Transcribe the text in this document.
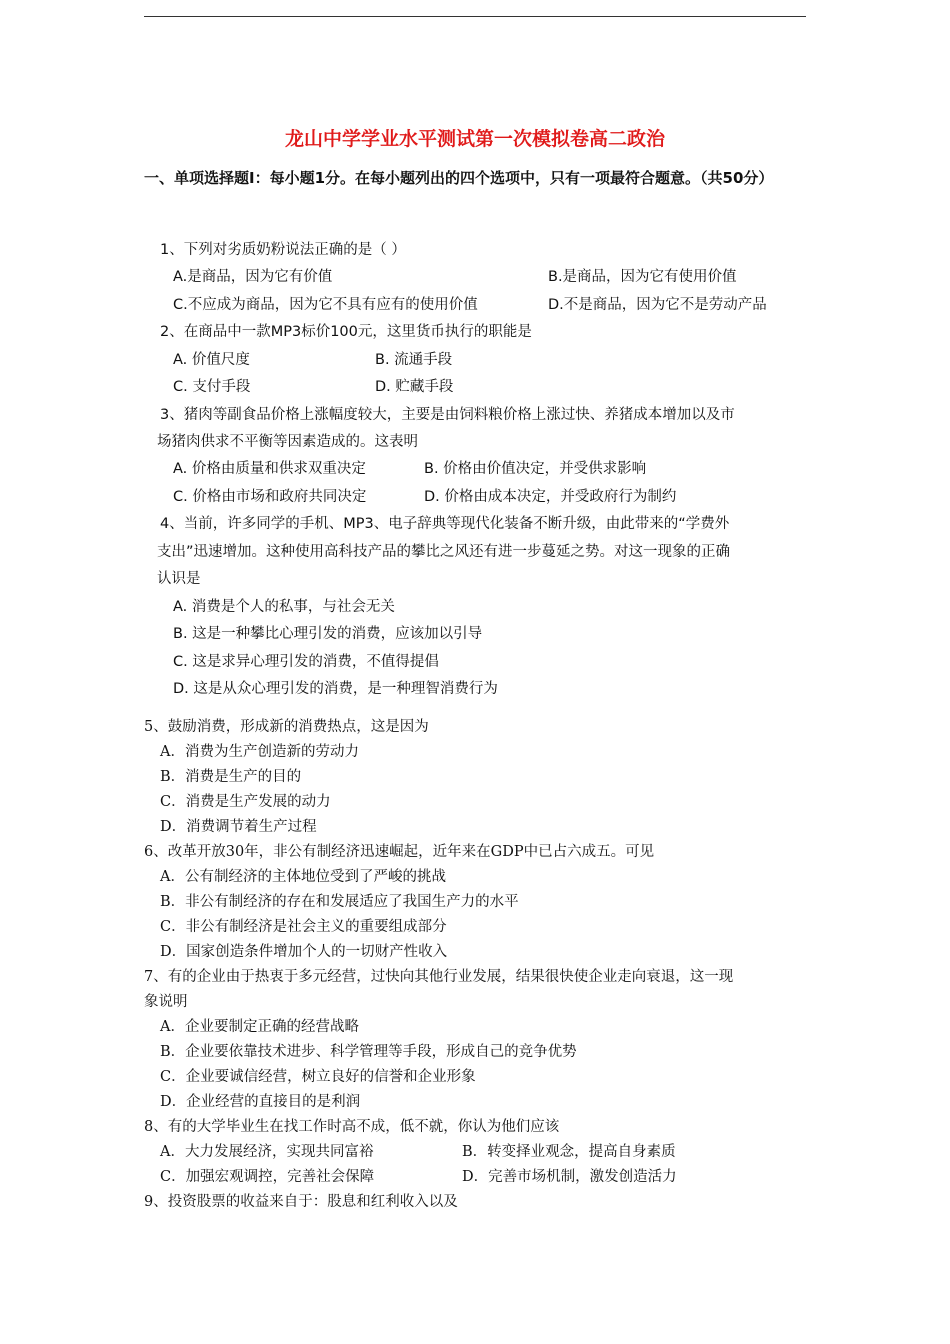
龙山中学学业水平测试第一次模拟卷高二政治
一、单项选择题Ⅰ：每小题1分。在每小题列出的四个选项中，只有一项最符合题意。（共50分）
1、下列对劣质奶粉说法正确的是（ ）
A.是商品，因为它有价值	B.是商品，因为它有使用价值
C.不应成为商品，因为它不具有应有的使用价值	D.不是商品，因为它不是劳动产品
2、在商品中一款MP3标价100元，这里货币执行的职能是
A. 价值尺度	B. 流通手段
C. 支付手段	D. 贮藏手段
3、猪肉等副食品价格上涨幅度较大，主要是由饲料粮价格上涨过快、养猪成本增加以及市
场猪肉供求不平衡等因素造成的。这表明
A. 价格由质量和供求双重决定	B. 价格由价值决定，并受供求影响
C. 价格由市场和政府共同决定	D. 价格由成本决定，并受政府行为制约
4、当前，许多同学的手机、MP3、电子辞典等现代化装备不断升级，由此带来的“学费外
支出”迅速增加。这种使用高科技产品的攀比之风还有进一步蔓延之势。对这一现象的正确
认识是
A. 消费是个人的私事，与社会无关
B. 这是一种攀比心理引发的消费，应该加以引导
C. 这是求异心理引发的消费，不值得提倡
D. 这是从众心理引发的消费，是一种理智消费行为
5、鼓励消费，形成新的消费热点，这是因为
A．消费为生产创造新的劳动力
B．消费是生产的目的
C．消费是生产发展的动力
D．消费调节着生产过程
6、改革开放30年，非公有制经济迅速崛起，近年来在GDP中已占六成五。可见
A．公有制经济的主体地位受到了严峻的挑战
B．非公有制经济的存在和发展适应了我国生产力的水平
C．非公有制经济是社会主义的重要组成部分
D．国家创造条件增加个人的一切财产性收入
7、有的企业由于热衷于多元经营，过快向其他行业发展，结果很快使企业走向衰退，这一现
象说明
A．企业要制定正确的经营战略
B．企业要依靠技术进步、科学管理等手段，形成自己的竞争优势
C．企业要诚信经营，树立良好的信誉和企业形象
D．企业经营的直接目的是利润
8、有的大学毕业生在找工作时高不成，低不就，你认为他们应该
A．大力发展经济，实现共同富裕	B．转变择业观念，提高自身素质
C．加强宏观调控，完善社会保障	D．完善市场机制，激发创造活力
9、投资股票的收益来自于：股息和红利收入以及
